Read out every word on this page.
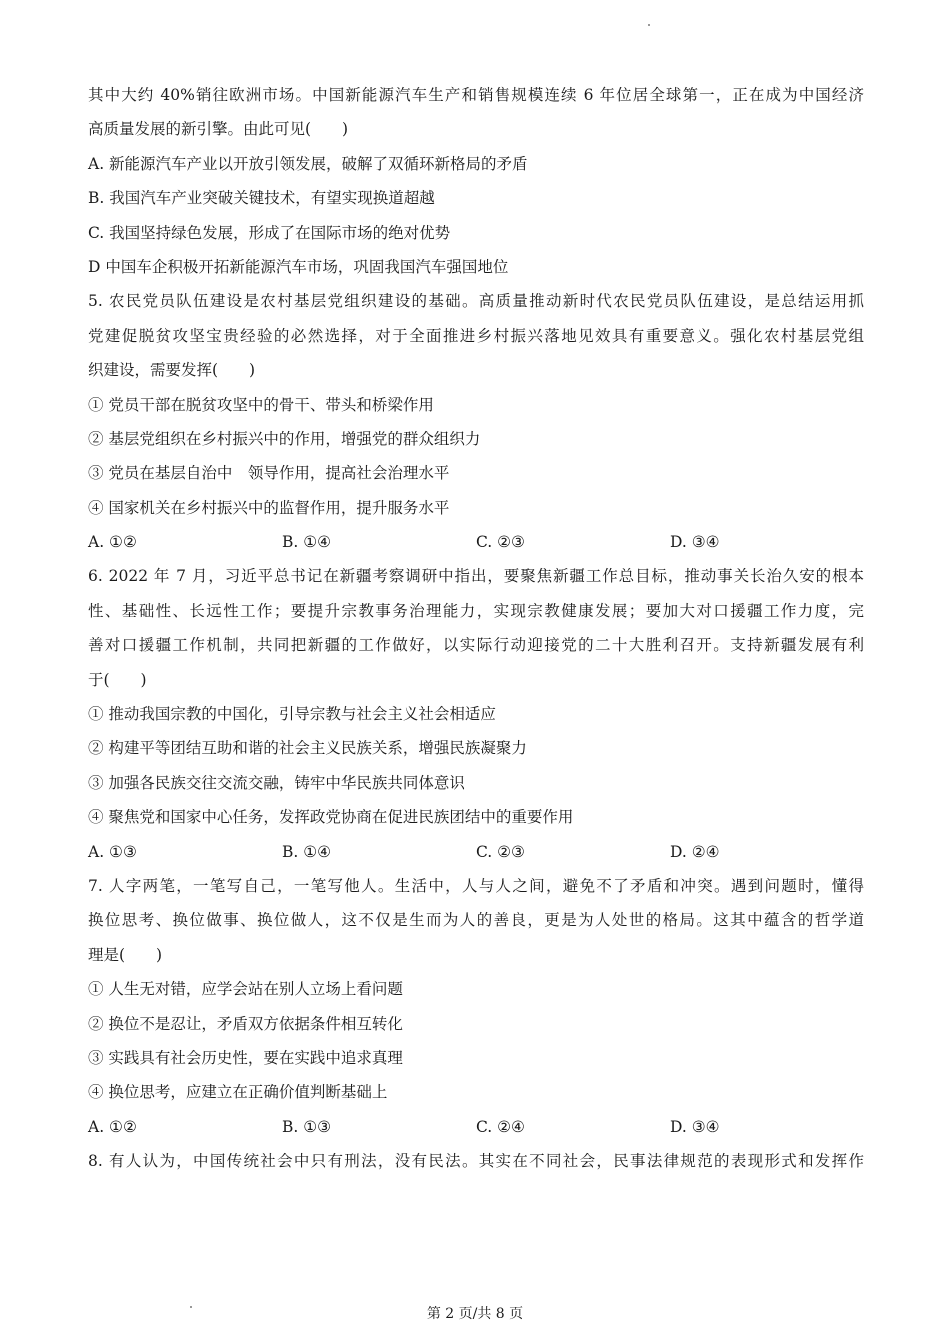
其中大约 40%销往欧洲市场。中国新能源汽车生产和销售规模连续 6 年位居全球第一，正在成为中国经济
高质量发展的新引擎。由此可见(　　)
A. 新能源汽车产业以开放引领发展，破解了双循环新格局的矛盾
B. 我国汽车产业突破关键技术，有望实现换道超越
C. 我国坚持绿色发展，形成了在国际市场的绝对优势
D 中国车企积极开拓新能源汽车市场，巩固我国汽车强国地位
5. 农民党员队伍建设是农村基层党组织建设的基础。高质量推动新时代农民党员队伍建设，是总结运用抓
党建促脱贫攻坚宝贵经验的必然选择，对于全面推进乡村振兴落地见效具有重要意义。强化农村基层党组
织建设，需要发挥(　　)
① 党员干部在脱贫攻坚中的骨干、带头和桥梁作用
② 基层党组织在乡村振兴中的作用，增强党的群众组织力
③ 党员在基层自治中　领导作用，提高社会治理水平
④ 国家机关在乡村振兴中的监督作用，提升服务水平
A. ①②	B. ①④	C. ②③	D. ③④
6. 2022 年 7 月，习近平总书记在新疆考察调研中指出，要聚焦新疆工作总目标，推动事关长治久安的根本
性、基础性、长远性工作；要提升宗教事务治理能力，实现宗教健康发展；要加大对口援疆工作力度，完
善对口援疆工作机制，共同把新疆的工作做好，以实际行动迎接党的二十大胜利召开。支持新疆发展有利
于(　　)
① 推动我国宗教的中国化，引导宗教与社会主义社会相适应
② 构建平等团结互助和谐的社会主义民族关系，增强民族凝聚力
③ 加强各民族交往交流交融，铸牢中华民族共同体意识
④ 聚焦党和国家中心任务，发挥政党协商在促进民族团结中的重要作用
A. ①③	B. ①④	C. ②③	D. ②④
7. 人字两笔，一笔写自己，一笔写他人。生活中，人与人之间，避免不了矛盾和冲突。遇到问题时，懂得
换位思考、换位做事、换位做人，这不仅是生而为人的善良，更是为人处世的格局。这其中蕴含的哲学道
理是(　　)
① 人生无对错，应学会站在别人立场上看问题
② 换位不是忍让，矛盾双方依据条件相互转化
③ 实践具有社会历史性，要在实践中追求真理
④ 换位思考，应建立在正确价值判断基础上
A. ①②	B. ①③	C. ②④	D. ③④
8. 有人认为，中国传统社会中只有刑法，没有民法。其实在不同社会，民事法律规范的表现形式和发挥作
第 2 页/共 8 页
